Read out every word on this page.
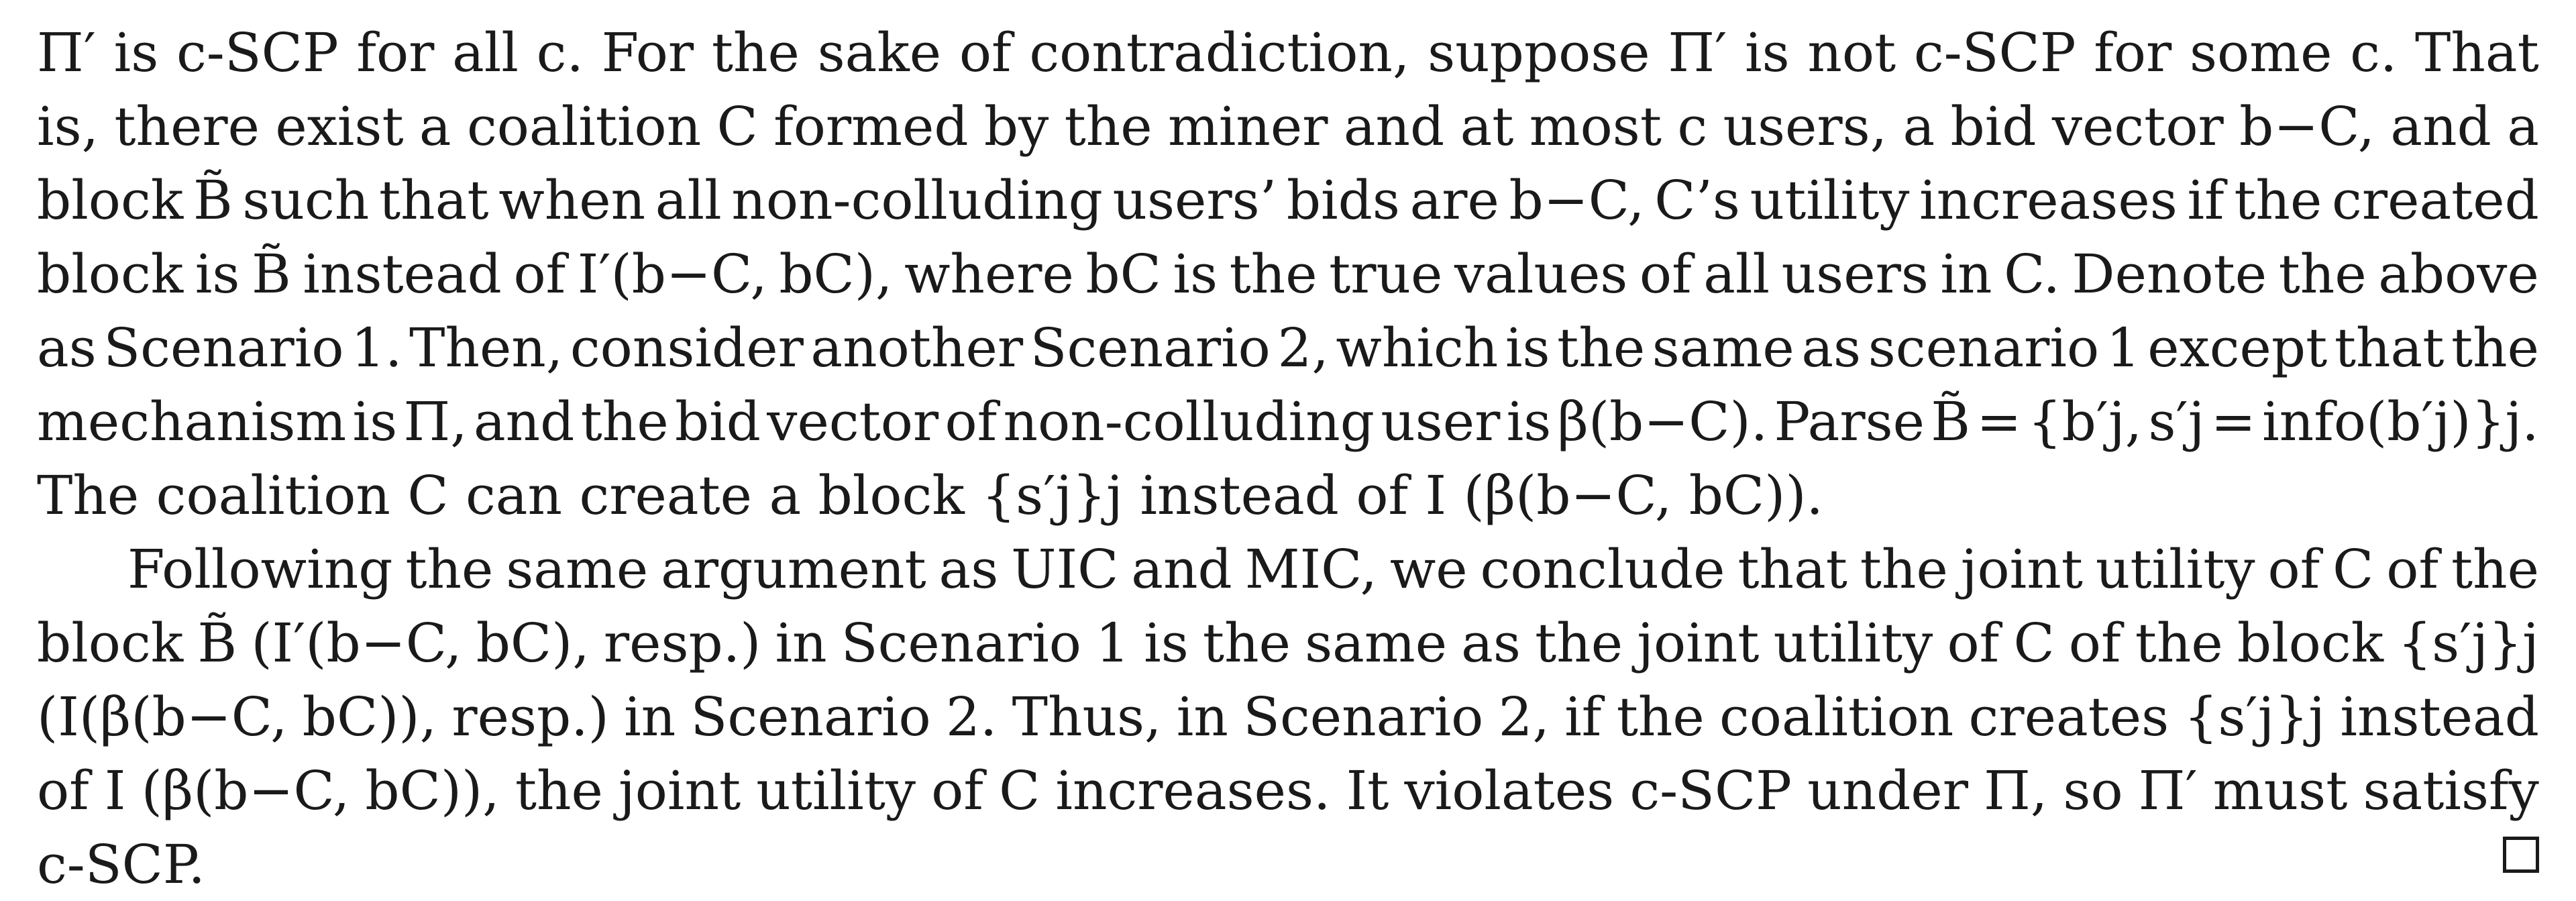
Π′ is c-SCP for all c. For the sake of contradiction, suppose Π′ is not c-SCP for some c. That
is, there exist a coalition C formed by the miner and at most c users, a bid vector b−C, and a
block B̃ such that when all non-colluding users’ bids are b−C, C’s utility increases if the created
block is B̃ instead of I′(b−C, bC), where bC is the true values of all users in C. Denote the above
as Scenario 1. Then, consider another Scenario 2, which is the same as scenario 1 except that the
mechanism is Π, and the bid vector of non-colluding user is β(b−C). Parse B̃ = {b′j, s′j = info(b′j)}j.
The coalition C can create a block {s′j}j instead of I (β(b−C, bC)).
Following the same argument as UIC and MIC, we conclude that the joint utility of C of the
block B̃ (I′(b−C, bC), resp.) in Scenario 1 is the same as the joint utility of C of the block {s′j}j
(I(β(b−C, bC)), resp.) in Scenario 2. Thus, in Scenario 2, if the coalition creates {s′j}j instead
of I (β(b−C, bC)), the joint utility of C increases. It violates c-SCP under Π, so Π′ must satisfy
c-SCP.
